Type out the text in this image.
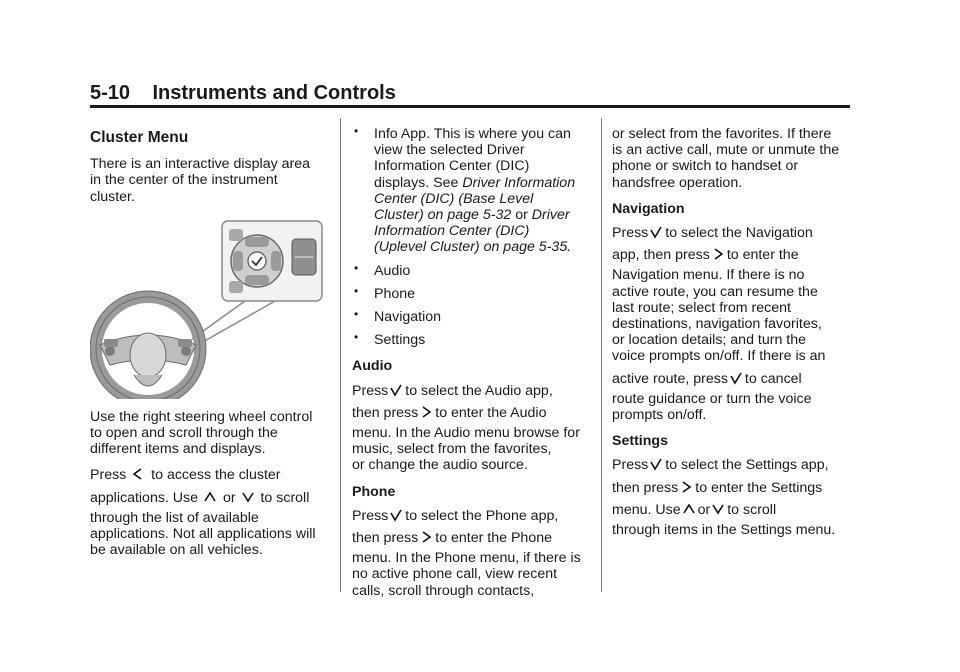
5-10 Instruments and Controls
Cluster Menu

There is an interactive display area
in the center of the instrument
cluster.

Use the right steering wheel control
to open and scroll through the
different items and displays.

Press to access the cluster
applications. Use or to scroll
through the list of available
applications. Not all applications will
be available on all vehicles.

• Info App. This is where you can
view the selected Driver
Information Center (DIC)
displays. See Driver Information
Center (DIC) (Base Level
Cluster) on page 5-32 or Driver
Information Center (DIC)
(Uplevel Cluster) on page 5-35.
• Audio
• Phone
• Navigation
• Settings
Audio

Press to select the Audio app,
then press to enter the Audio
menu. In the Audio menu browse for
music, select from the favorites,
or change the audio source.

Phone

Press to select the Phone app,
then press to enter the Phone
menu. In the Phone menu, if there is
no active phone call, view recent
calls, scroll through contacts,

or select from the favorites. If there
is an active call, mute or unmute the
phone or switch to handset or
handsfree operation.

Navigation

Press to select the Navigation
app, then press to enter the
Navigation menu. If there is no
active route, you can resume the
last route; select from recent
destinations, navigation favorites,
or location details; and turn the
voice prompts on/off. If there is an
active route, press to cancel
route guidance or turn the voice
prompts on/off.

Settings

Press to select the Settings app,
then press to enter the Settings
menu. Use or to scroll
through items in the Settings menu.
